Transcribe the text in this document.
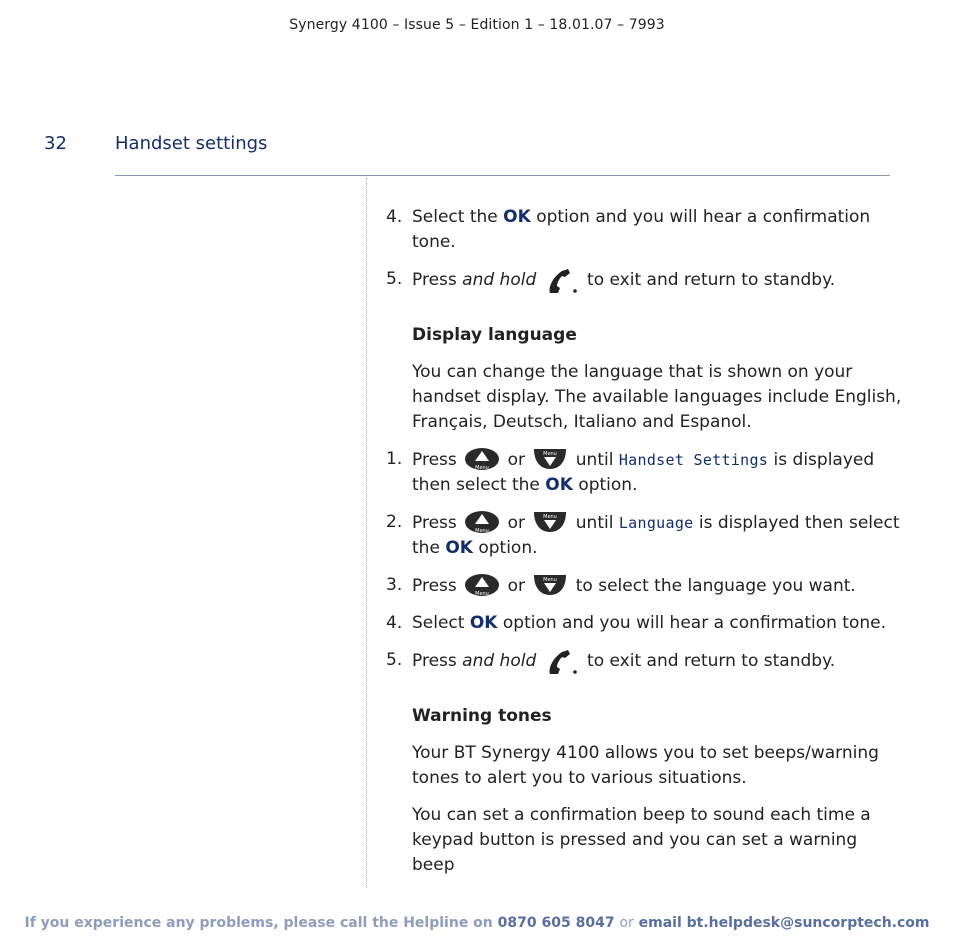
Synergy 4100 – Issue 5 – Edition 1 – 18.01.07 – 7993
32	Handset settings
4. Select the OK option and you will hear a confirmation tone.
5. Press and hold	to exit and return to standby.
Display language
You can change the language that is shown on your handset display. The available languages include English, Français, Deutsch, Italiano and Espanol.
1. Press	Menu or	Menu until Handset Settings is displayed then select the OK option.
2. Press	Menu or	Menu until Language is displayed then select the OK option.
3. Press	Menu or	Menu to select the language you want.
4. Select OK option and you will hear a confirmation tone.
5. Press and hold	to exit and return to standby.
Warning tones
Your BT Synergy 4100 allows you to set beeps/warning tones to alert you to various situations.
You can set a confirmation beep to sound each time a keypad button is pressed and you can set a warning beep
If you experience any problems, please call the Helpline on 0870 605 8047 or email bt.helpdesk@suncorptech.com
